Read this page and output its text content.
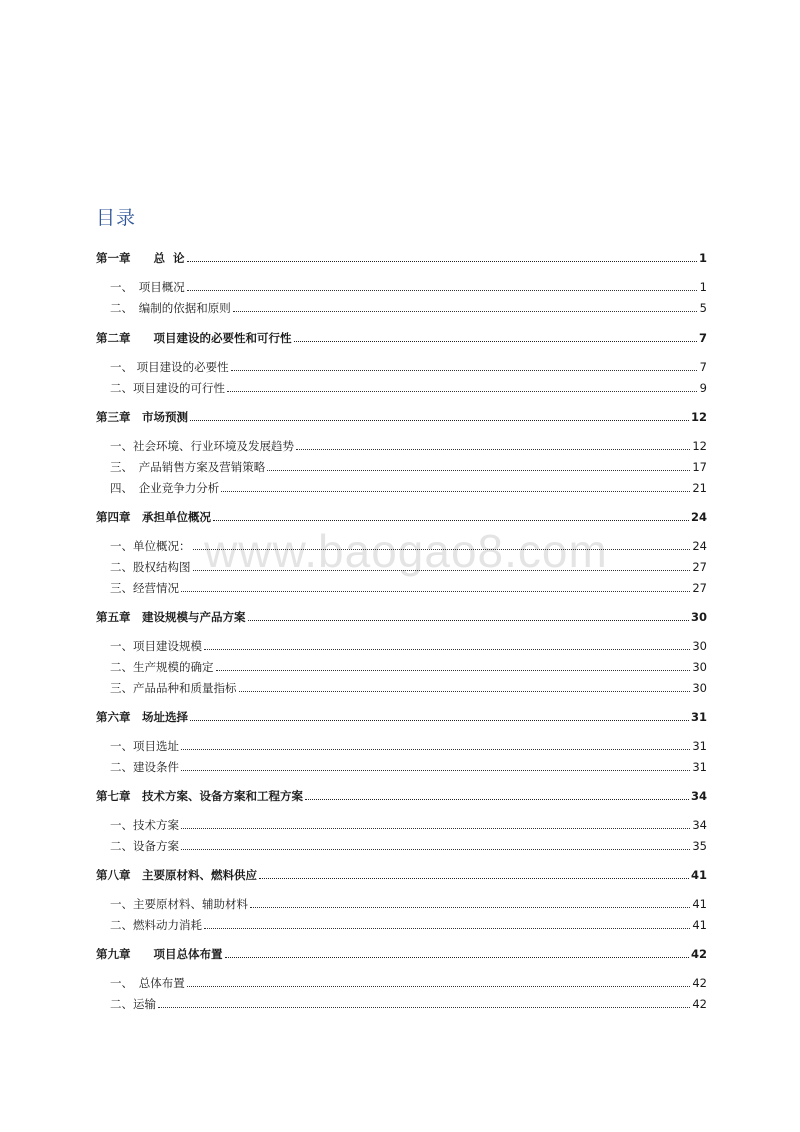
目录
第一章　　总  论	1
一、　项目概况	1
二、　编制的依据和原则	5
第二章　　项目建设的必要性和可行性	7
一、 项目建设的必要性	7
二、项目建设的可行性	9
第三章　市场预测	12
一、社会环境、行业环境及发展趋势	12
三、　产品销售方案及营销策略	17
四、　企业竞争力分析	21
第四章　承担单位概况	24
一、单位概况：	24
二、股权结构图	27
三、经营情况	27
第五章　建设规模与产品方案	30
一、项目建设规模	30
二、生产规模的确定	30
三、产品品种和质量指标	30
第六章　场址选择	31
一、项目选址	31
二、建设条件	31
第七章　技术方案、设备方案和工程方案	34
一、技术方案	34
二、设备方案	35
第八章　主要原材料、燃料供应	41
一、主要原材料、辅助材料	41
二、燃料动力消耗	41
第九章　　项目总体布置	42
一、　总体布置	42
二、运输	42
www.baogao8.com
